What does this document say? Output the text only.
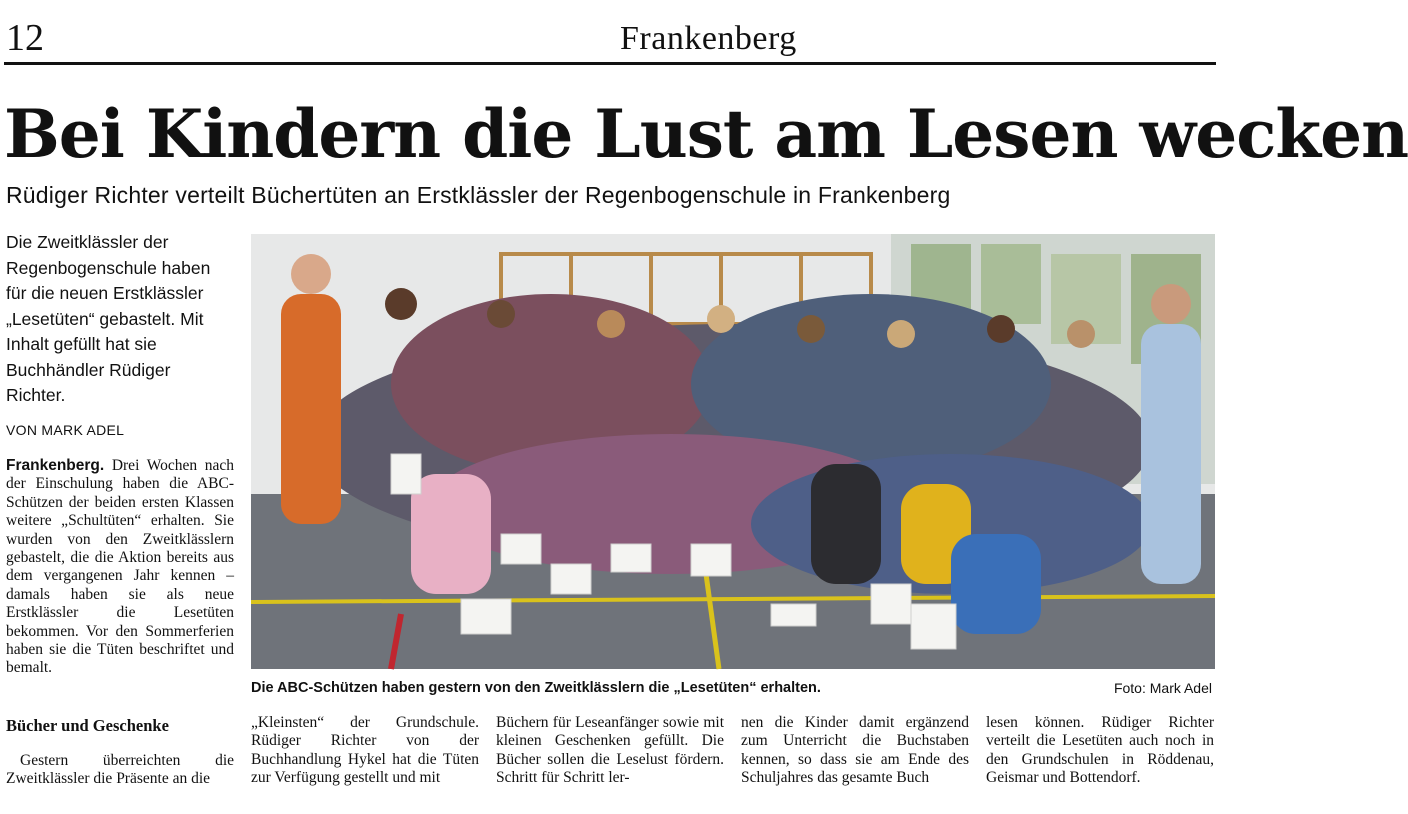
12	Frankenberg
Bei Kindern die Lust am Lesen wecken
Rüdiger Richter verteilt Büchertüten an Erstklässler der Regenbogenschule in Frankenberg
Die Zweitklässler der Regenbogenschule haben für die neuen Erstklässler „Lesetüten“ gebastelt. Mit Inhalt gefüllt hat sie Buchhändler Rüdiger Richter.
VON MARK ADEL
Frankenberg. Drei Wochen nach der Einschulung haben die ABC-Schützen der beiden ersten Klassen weitere „Schultüten“ erhalten. Sie wurden von den Zweitklässlern gebastelt, die die Aktion bereits aus dem vergangenen Jahr kennen – damals haben sie als neue Erstklässler die Lesetüten bekommen. Vor den Sommerferien haben sie die Tüten beschriftet und bemalt.
Bücher und Geschenke
Gestern überreichten die Zweitklässler die Präsente an die
Die ABC-Schützen haben gestern von den Zweitklässlern die „Lesetüten“ erhalten.	Foto: Mark Adel
„Kleinsten“ der Grundschule. Rüdiger Richter von der Buchhandlung Hykel hat die Tüten zur Verfügung gestellt und mit
Büchern für Leseanfänger sowie mit kleinen Geschenken gefüllt. Die Bücher sollen die Leselust fördern. Schritt für Schritt ler-
nen die Kinder damit ergänzend zum Unterricht die Buchstaben kennen, so dass sie am Ende des Schuljahres das gesamte Buch
lesen können. Rüdiger Richter verteilt die Lesetüten auch noch in den Grundschulen in Röddenau, Geismar und Bottendorf.
